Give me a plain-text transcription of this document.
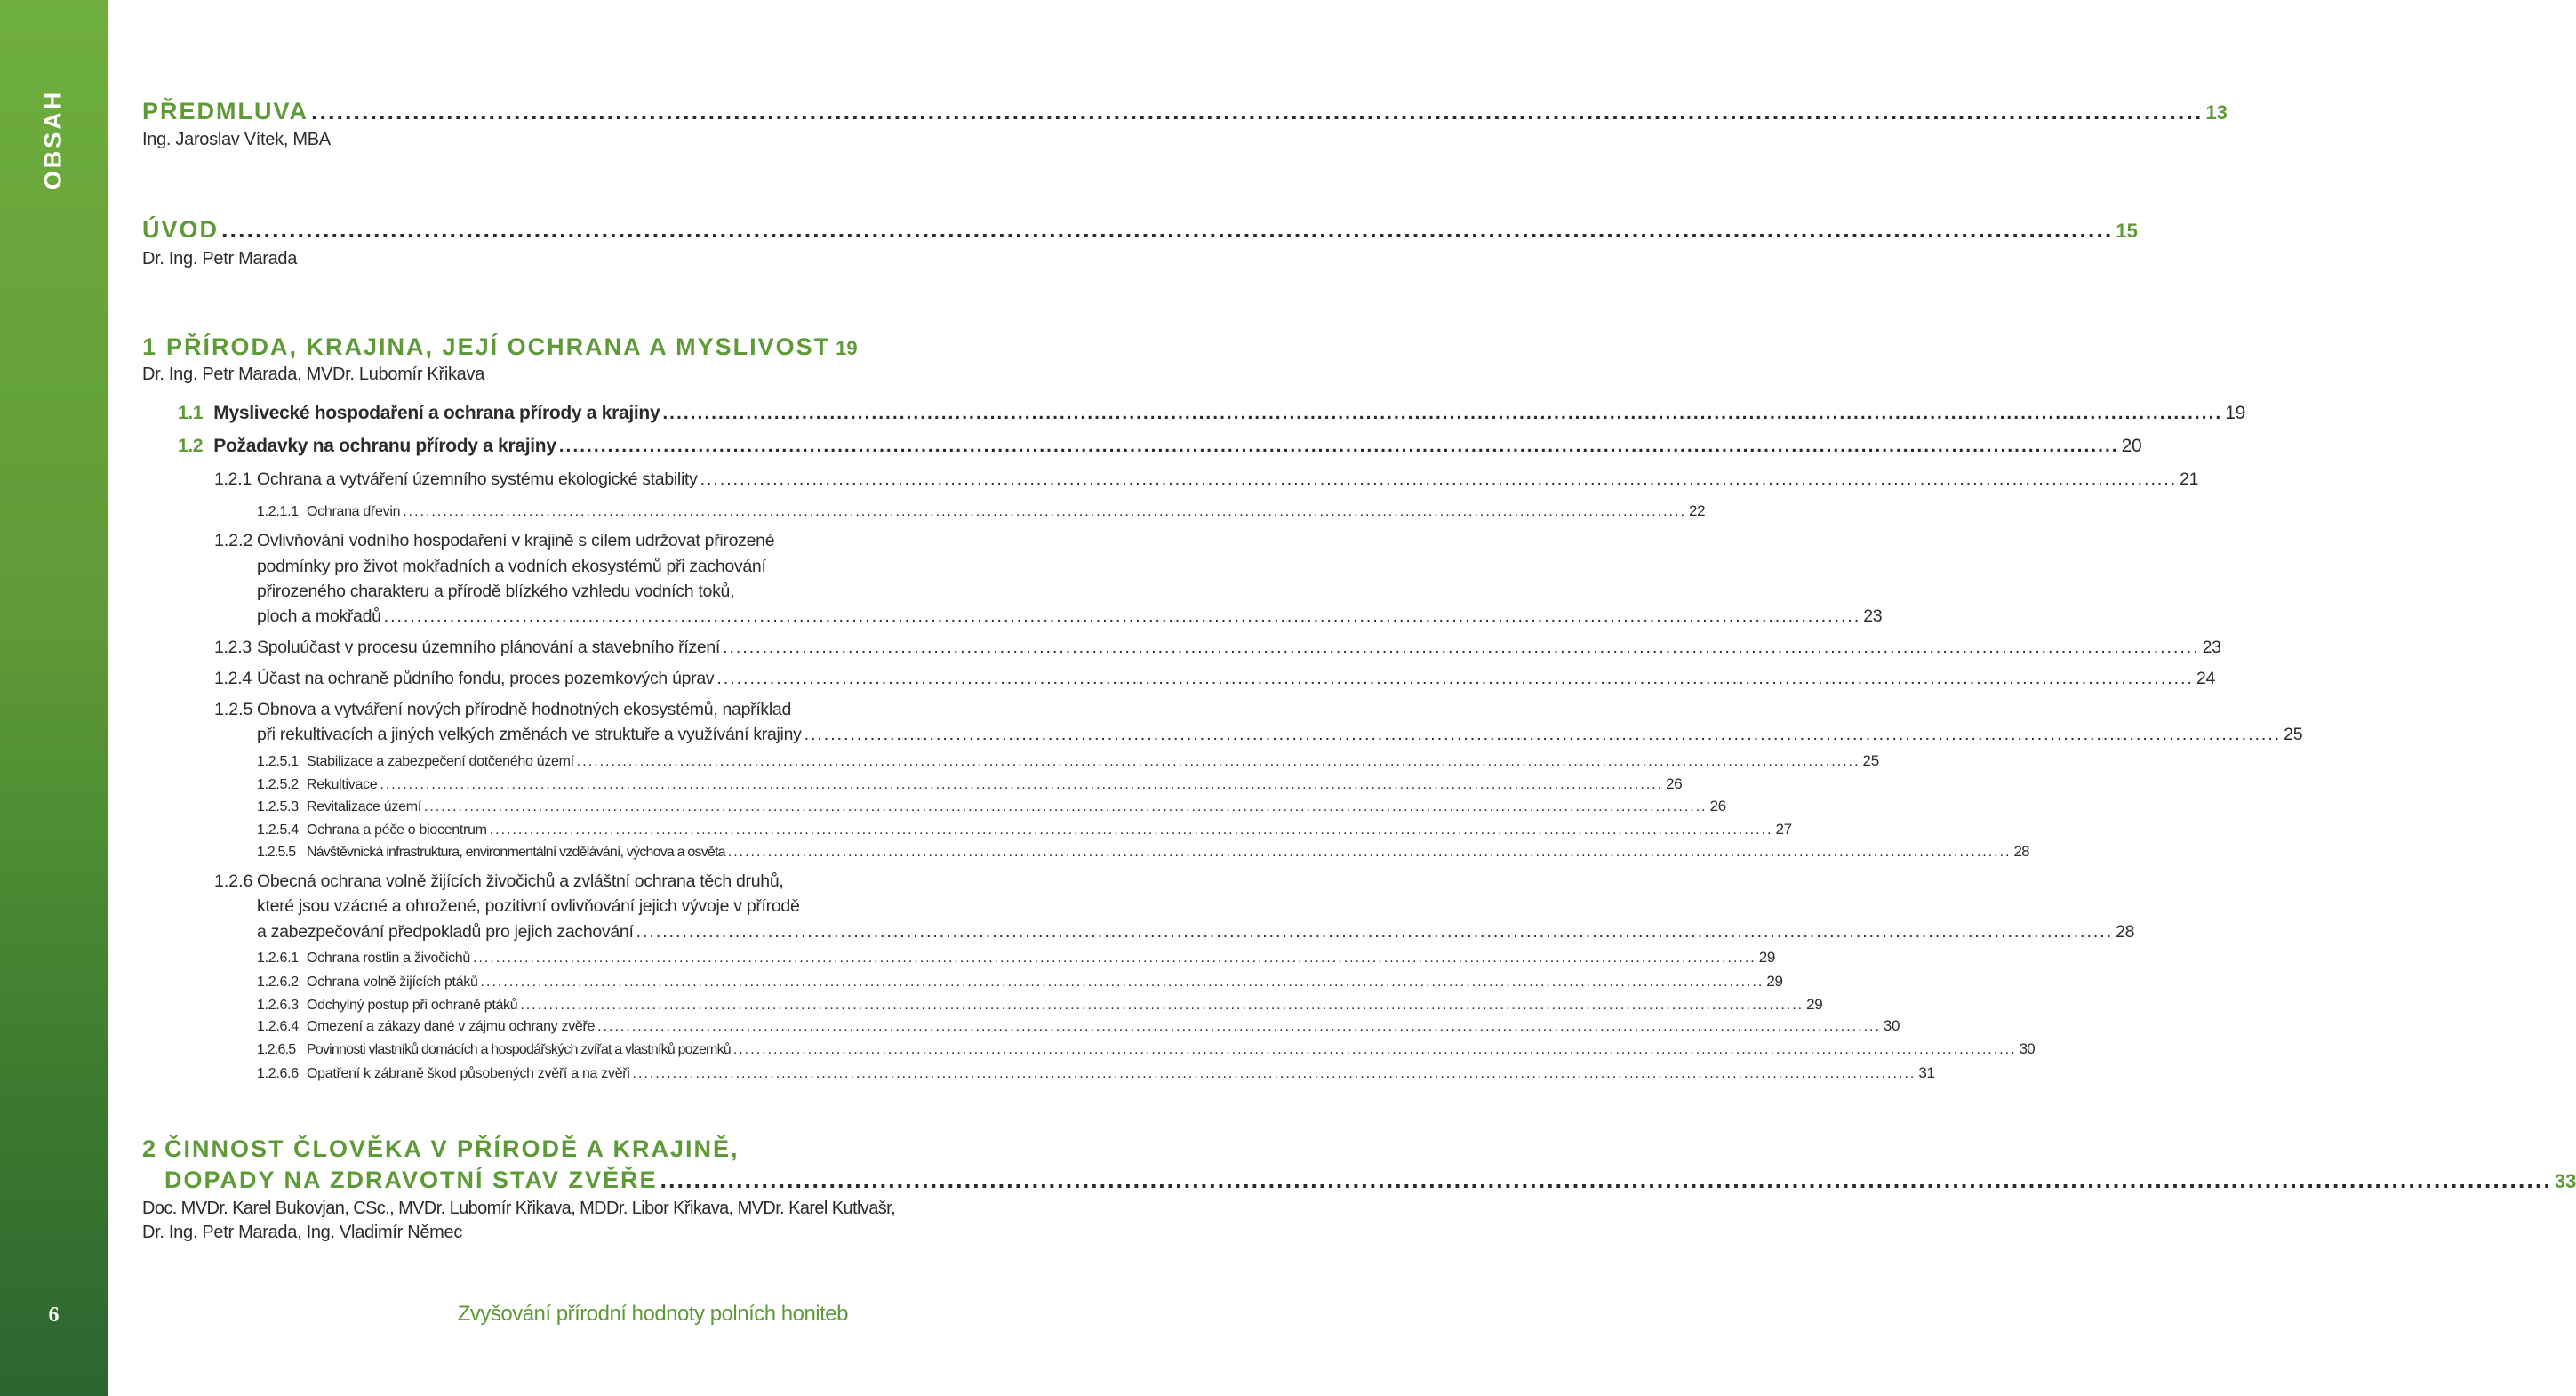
OBSAH
6
PŘEDMLUVA .....	13
Ing. Jaroslav Vítek, MBA
ÚVOD .....	15
Dr. Ing. Petr Marada
1 PŘÍRODA, KRAJINA, JEJÍ OCHRANA A MYSLIVOST 19
Dr. Ing. Petr Marada, MVDr. Lubomír Křikava
1.1 Myslivecké hospodaření a ochrana přírody a krajiny .....	19
1.2 Požadavky na ochranu přírody a krajiny .....	20
1.2.1 Ochrana a vytváření územního systému ekologické stability .....	21
1.2.1.1 Ochrana dřevin .....	22
1.2.2 Ovlivňování vodního hospodaření v krajině s cílem udržovat přirozené
podmínky pro život mokřadních a vodních ekosystémů při zachování
přirozeného charakteru a přírodě blízkého vzhledu vodních toků,
ploch a mokřadů .....	23
1.2.3 Spoluúčast v procesu územního plánování a stavebního řízení .....	23
1.2.4 Účast na ochraně půdního fondu, proces pozemkových úprav .....	24
1.2.5 Obnova a vytváření nových přírodně hodnotných ekosystémů, například
při rekultivacích a jiných velkých změnách ve struktuře a využívání krajiny .....	25
1.2.5.1 Stabilizace a zabezpečení dotčeného území .....	25
1.2.5.2 Rekultivace .....	26
1.2.5.3 Revitalizace území .....	26
1.2.5.4 Ochrana a péče o biocentrum .....	27
1.2.5.5 Návštěvnická infrastruktura, environmentální vzdělávání, výchova a osvěta .....	28
1.2.6 Obecná ochrana volně žijících živočichů a zvláštní ochrana těch druhů,
které jsou vzácné a ohrožené, pozitivní ovlivňování jejich vývoje v přírodě
a zabezpečování předpokladů pro jejich zachování .....	28
1.2.6.1 Ochrana rostlin a živočichů .....	29
1.2.6.2 Ochrana volně žijících ptáků .....	29
1.2.6.3 Odchylný postup při ochraně ptáků .....	29
1.2.6.4 Omezení a zákazy dané v zájmu ochrany zvěře .....	30
1.2.6.5 Povinnosti vlastníků domácích a hospodářských zvířat a vlastníků pozemků .....	30
1.2.6.6 Opatření k zábraně škod působených zvěří a na zvěři .....	31
2 ČINNOST ČLOVĚKA V PŘÍRODĚ A KRAJINĚ,
DOPADY NA ZDRAVOTNÍ STAV ZVĚŘE .....	33
Doc. MVDr. Karel Bukovjan, CSc., MVDr. Lubomír Křikava, MDDr. Libor Křikava, MVDr. Karel Kutlvašr,
Dr. Ing. Petr Marada, Ing. Vladimír Němec
Zvyšování přírodní hodnoty polních honiteb
